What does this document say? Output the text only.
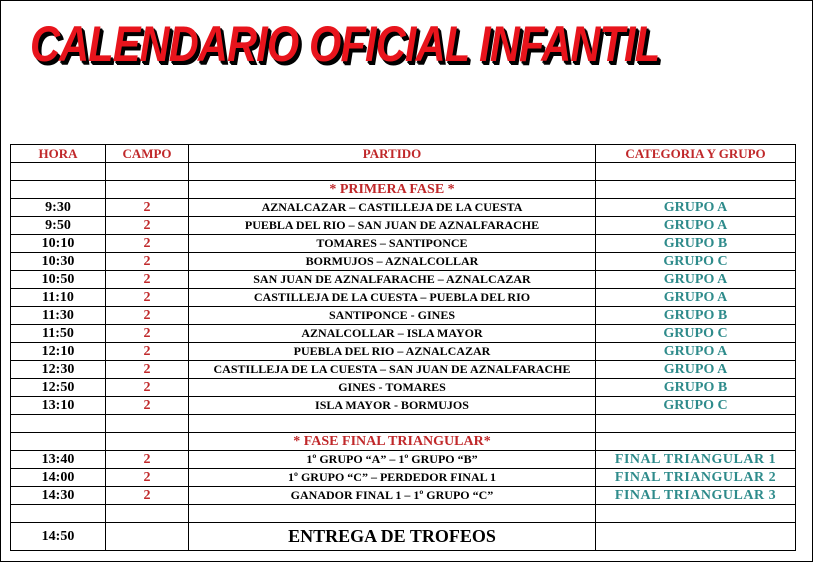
CALENDARIO OFICIAL INFANTIL
HORA	CAMPO	PARTIDO	CATEGORIA Y GRUPO

		* PRIMERA FASE *	
9:30	2	AZNALCAZAR – CASTILLEJA DE LA CUESTA	GRUPO A
9:50	2	PUEBLA DEL RIO – SAN JUAN DE AZNALFARACHE	GRUPO A
10:10	2	TOMARES – SANTIPONCE	GRUPO B
10:30	2	BORMUJOS – AZNALCOLLAR	GRUPO C
10:50	2	SAN JUAN DE AZNALFARACHE – AZNALCAZAR	GRUPO A
11:10	2	CASTILLEJA DE LA CUESTA – PUEBLA DEL RIO	GRUPO A
11:30	2	SANTIPONCE - GINES	GRUPO B
11:50	2	AZNALCOLLAR – ISLA MAYOR	GRUPO C
12:10	2	PUEBLA DEL RIO – AZNALCAZAR	GRUPO A
12:30	2	CASTILLEJA DE LA CUESTA – SAN JUAN DE AZNALFARACHE	GRUPO A
12:50	2	GINES - TOMARES	GRUPO B
13:10	2	ISLA MAYOR - BORMUJOS	GRUPO C

		* FASE FINAL TRIANGULAR*	
13:40	2	1º GRUPO “A” – 1º GRUPO “B”	FINAL TRIANGULAR 1
14:00	2	1º GRUPO “C” – PERDEDOR FINAL 1	FINAL TRIANGULAR 2
14:30	2	GANADOR FINAL 1 – 1º GRUPO “C”	FINAL TRIANGULAR 3

14:50		ENTREGA DE TROFEOS	
